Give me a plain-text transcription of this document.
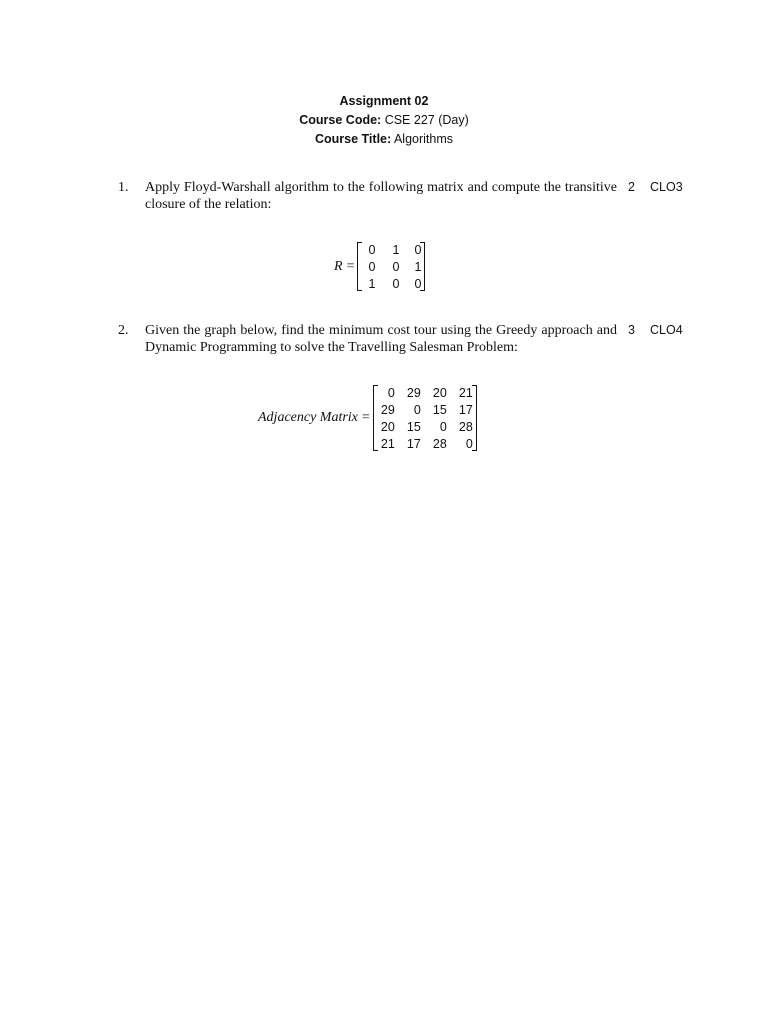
Assignment 02
Course Code: CSE 227 (Day)
Course Title: Algorithms
1. Apply Floyd-Warshall algorithm to the following matrix and compute the transitive closure of the relation:
2 CLO3
R =
0	1	0
0	0	1
1	0	0
2. Given the graph below, find the minimum cost tour using the Greedy approach and Dynamic Programming to solve the Travelling Salesman Problem:
3 CLO4
Adjacency Matrix =
0	29	20	21
29	0	15	17
20	15	0	28
21	17	28	0
